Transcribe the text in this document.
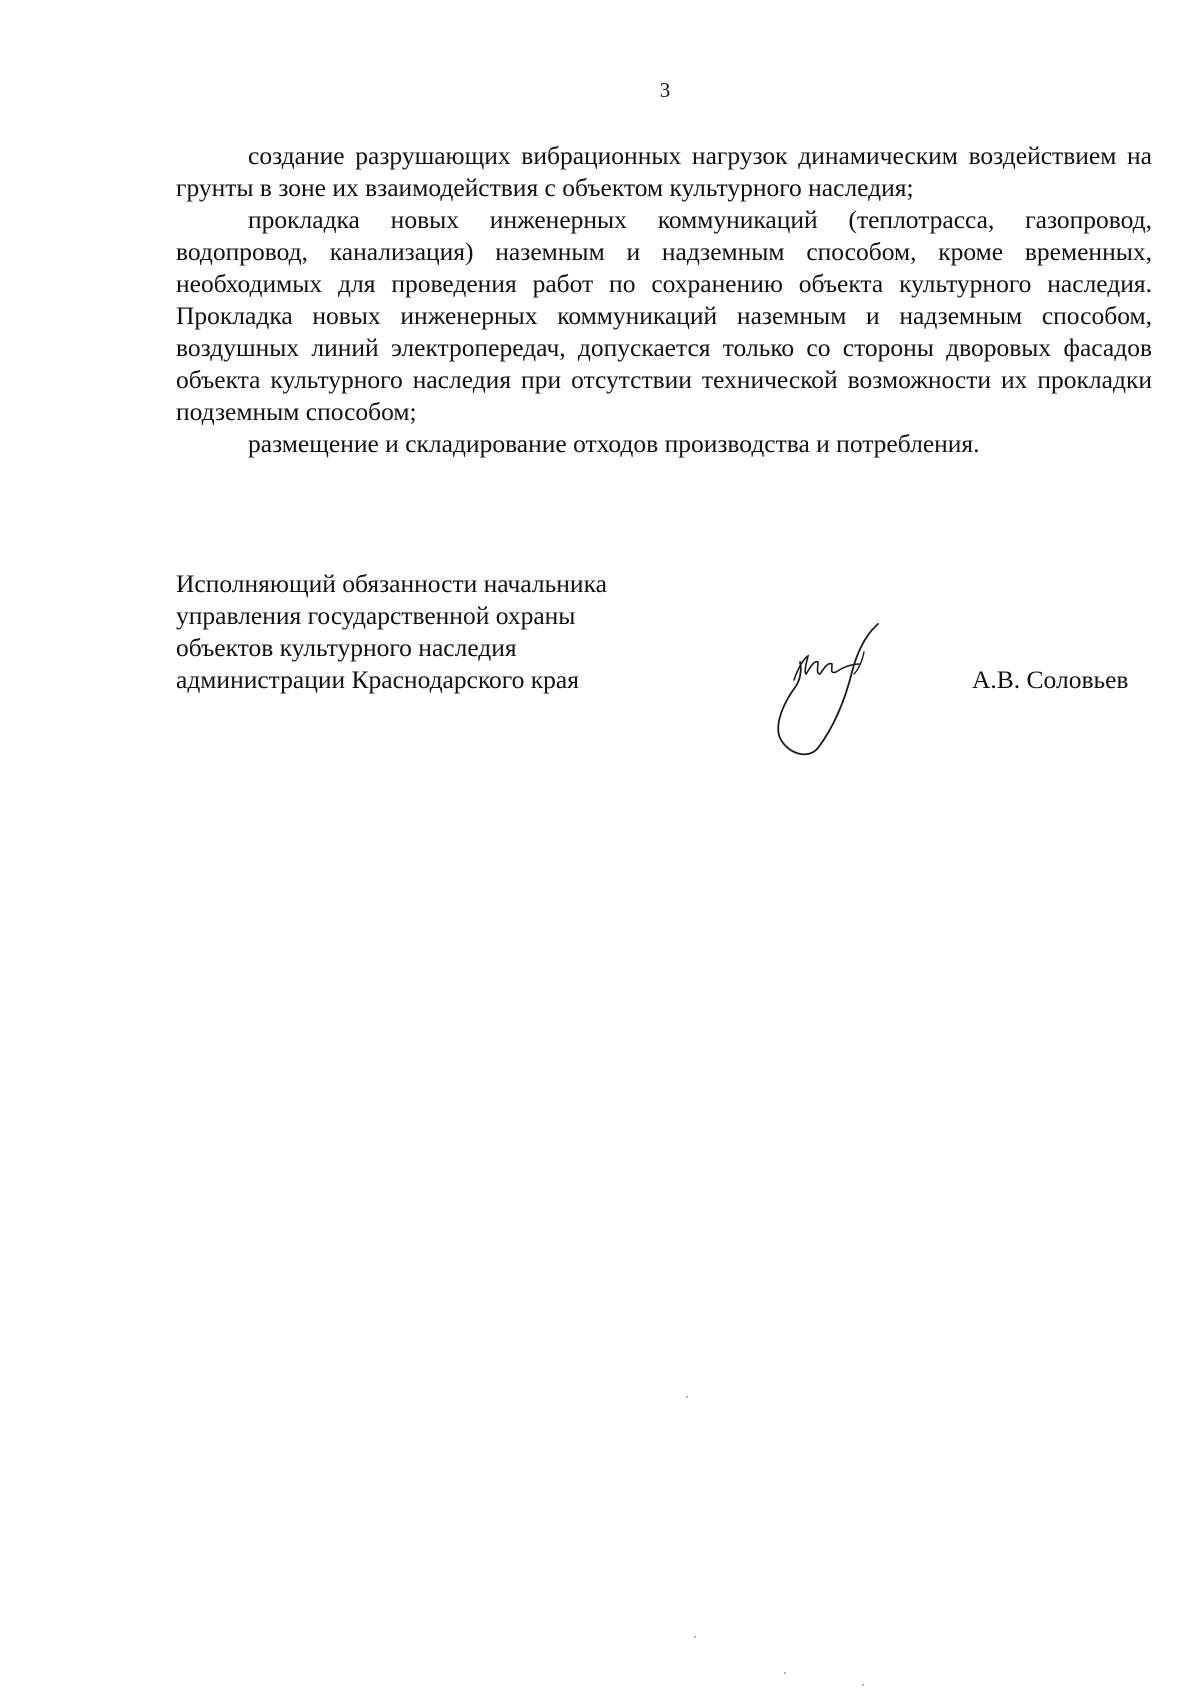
3

создание разрушающих вибрационных нагрузок динамическим воздействием на грунты в зоне их взаимодействия с объектом культурного наследия;

прокладка новых инженерных коммуникаций (теплотрасса, газопровод, водопровод, канализация) наземным и надземным способом, кроме временных, необходимых для проведения работ по сохранению объекта культурного наследия. Прокладка новых инженерных коммуникаций наземным и надземным способом, воздушных линий электропередач, допускается только со стороны дворовых фасадов объекта культурного наследия при отсутствии технической возможности их прокладки подземным способом;

размещение и складирование отходов производства и потребления.

Исполняющий обязанности начальника
управления государственной охраны
объектов культурного наследия
администрации Краснодарского края	А.В. Соловьев
